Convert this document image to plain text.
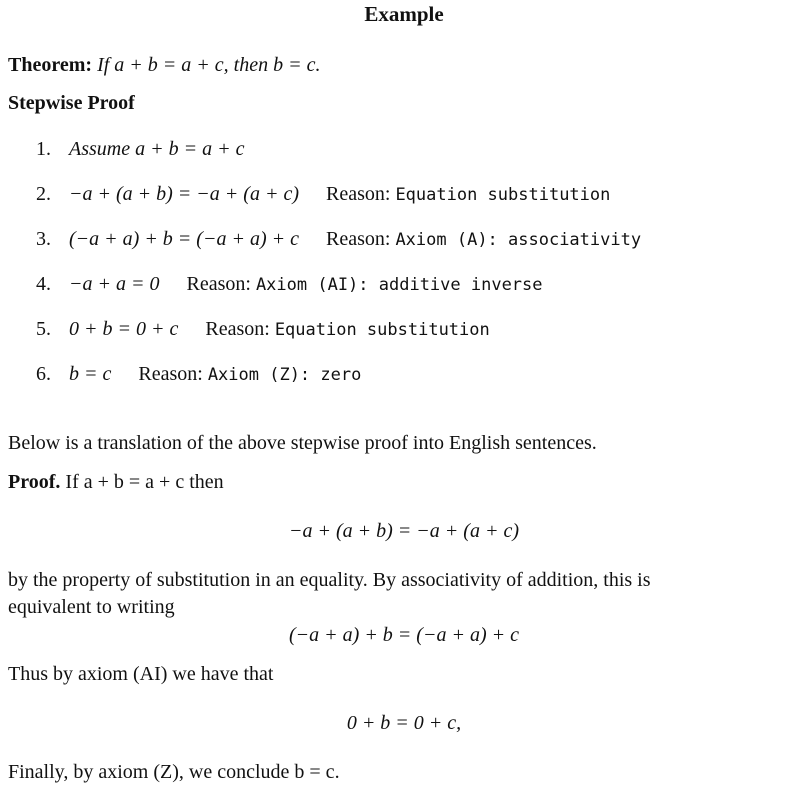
Example
Theorem: If a + b = a + c, then b = c.
Stepwise Proof
1. Assume a + b = a + c
2. −a + (a + b) = −a + (a + c) Reason: Equation substitution
3. (−a + a) + b = (−a + a) + c Reason: Axiom (A): associativity
4. −a + a = 0 Reason: Axiom (AI): additive inverse
5. 0 + b = 0 + c Reason: Equation substitution
6. b = c Reason: Axiom (Z): zero
Below is a translation of the above stepwise proof into English sentences.
Proof. If a + b = a + c then
−a + (a + b) = −a + (a + c)
by the property of substitution in an equality. By associativity of addition, this is
equivalent to writing
(−a + a) + b = (−a + a) + c
Thus by axiom (AI) we have that
0 + b = 0 + c,
Finally, by axiom (Z), we conclude b = c.
